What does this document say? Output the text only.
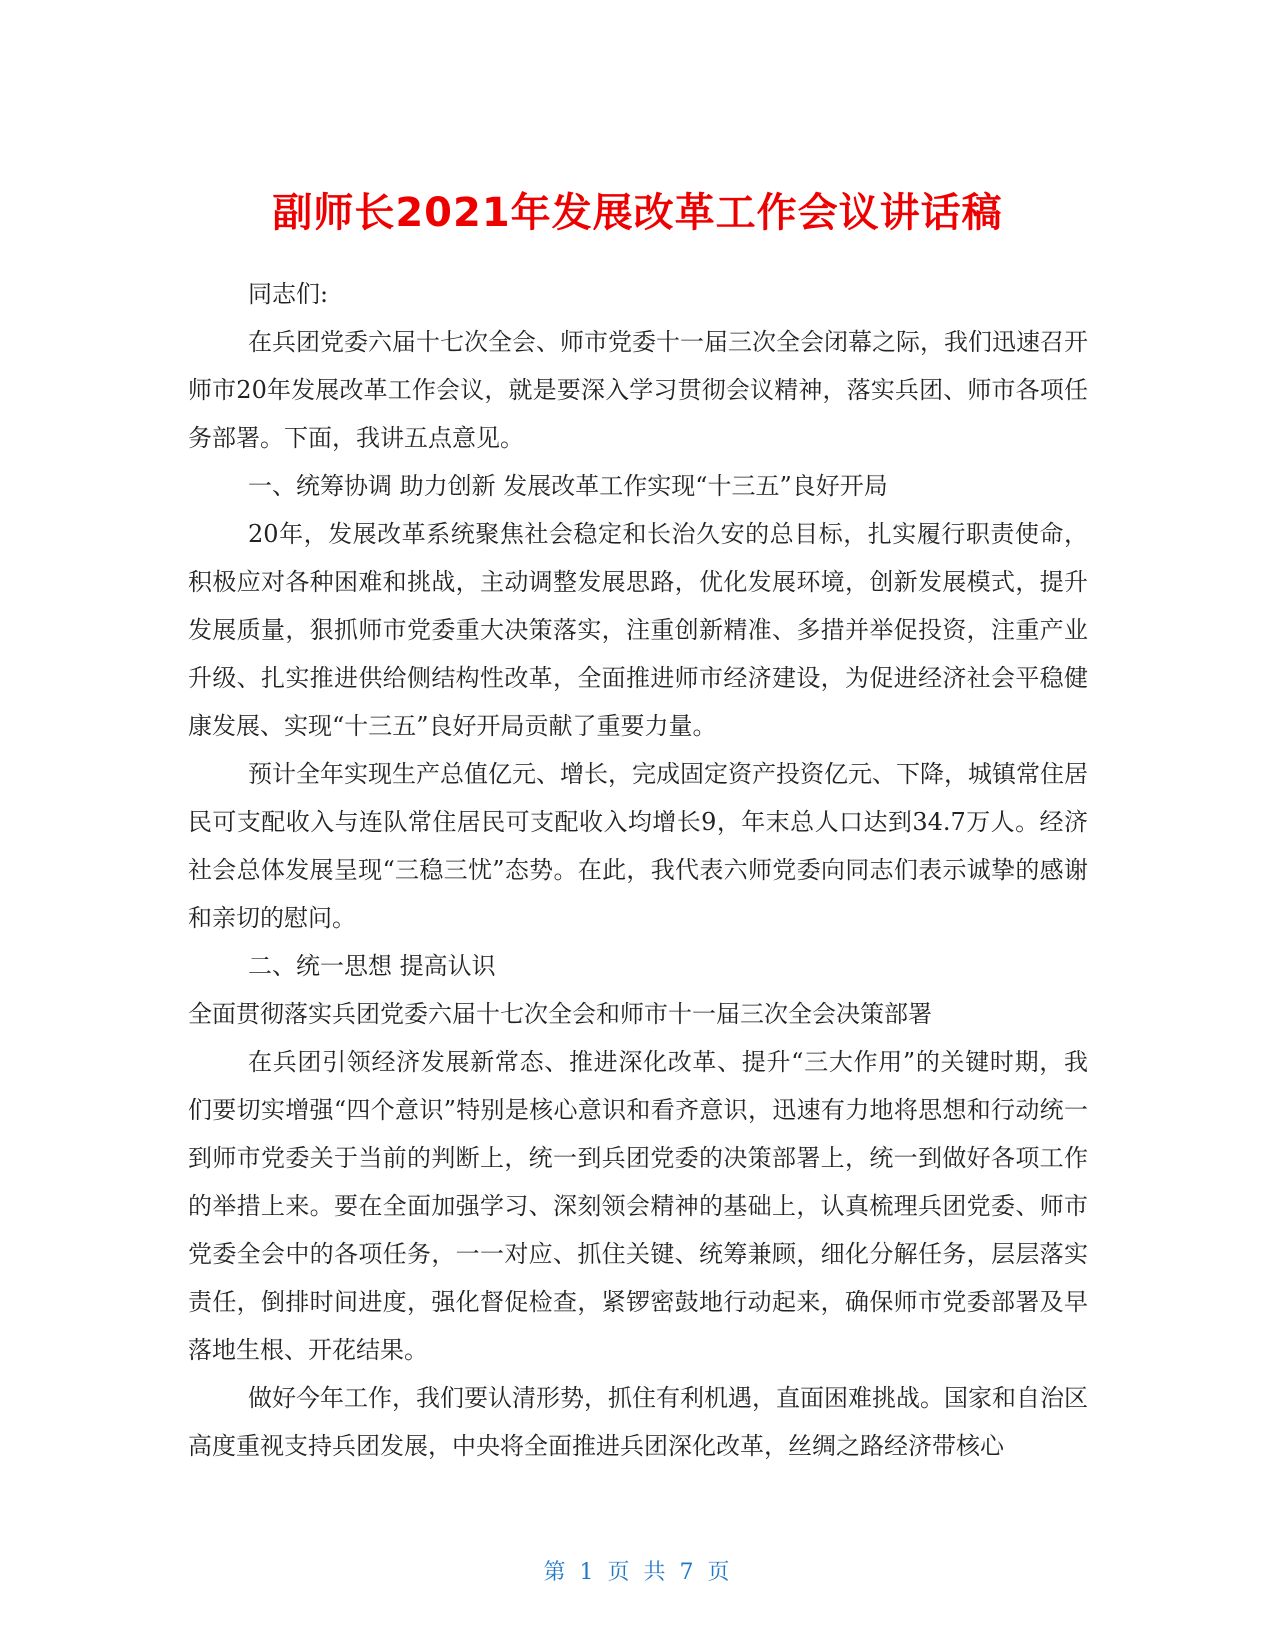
副师长2021年发展改革工作会议讲话稿

同志们:

在兵团党委六届十七次全会、师市党委十一届三次全会闭幕之际，我们迅速召开师市20年发展改革工作会议，就是要深入学习贯彻会议精神，落实兵团、师市各项任务部署。下面，我讲五点意见。

一、统筹协调 助力创新 发展改革工作实现“十三五”良好开局

20年，发展改革系统聚焦社会稳定和长治久安的总目标，扎实履行职责使命，积极应对各种困难和挑战，主动调整发展思路，优化发展环境，创新发展模式，提升发展质量，狠抓师市党委重大决策落实，注重创新精准、多措并举促投资，注重产业升级、扎实推进供给侧结构性改革，全面推进师市经济建设，为促进经济社会平稳健康发展、实现“十三五”良好开局贡献了重要力量。

预计全年实现生产总值亿元、增长，完成固定资产投资亿元、下降，城镇常住居民可支配收入与连队常住居民可支配收入均增长9，年末总人口达到34.7万人。经济社会总体发展呈现“三稳三忧”态势。在此，我代表六师党委向同志们表示诚挚的感谢和亲切的慰问。

二、统一思想 提高认识

全面贯彻落实兵团党委六届十七次全会和师市十一届三次全会决策部署

在兵团引领经济发展新常态、推进深化改革、提升“三大作用”的关键时期，我们要切实增强“四个意识”特别是核心意识和看齐意识，迅速有力地将思想和行动统一到师市党委关于当前的判断上，统一到兵团党委的决策部署上，统一到做好各项工作的举措上来。要在全面加强学习、深刻领会精神的基础上，认真梳理兵团党委、师市党委全会中的各项任务，一一对应、抓住关键、统筹兼顾，细化分解任务，层层落实责任，倒排时间进度，强化督促检查，紧锣密鼓地行动起来，确保师市党委部署及早落地生根、开花结果。

做好今年工作，我们要认清形势，抓住有利机遇，直面困难挑战。国家和自治区高度重视支持兵团发展，中央将全面推进兵团深化改革，丝绸之路经济带核心

第 1 页 共 7 页
